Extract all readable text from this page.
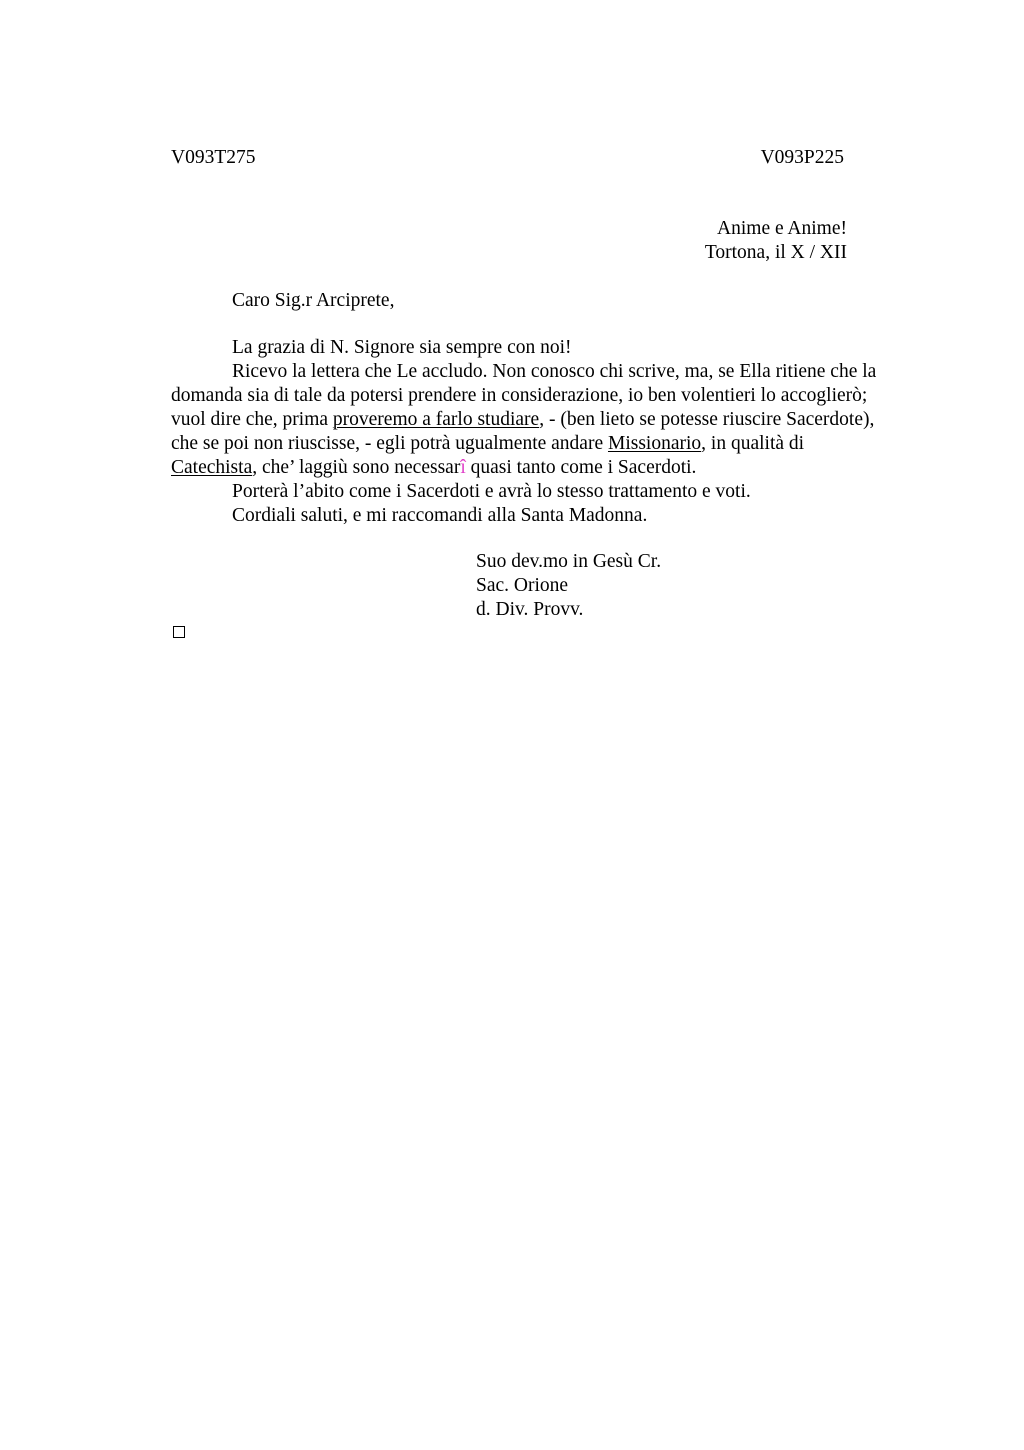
V093T275	V093P225
Anime e Anime!
Tortona, il X / XII
Caro Sig.r Arciprete,
La grazia di N. Signore sia sempre con noi!
Ricevo la lettera che Le accludo. Non conosco chi scrive, ma, se Ella ritiene che la
domanda sia di tale da potersi prendere in considerazione, io ben volentieri lo accoglierò;
vuol dire che, prima proveremo a farlo studiare, - (ben lieto se potesse riuscire Sacerdote),
che se poi non riuscisse, - egli potrà ugualmente andare Missionario, in qualità di
Catechista, che’ laggiù sono necessarî quasi tanto come i Sacerdoti.
Porterà l’abito come i Sacerdoti e avrà lo stesso trattamento e voti.
Cordiali saluti, e mi raccomandi alla Santa Madonna.
Suo dev.mo in Gesù Cr.
Sac. Orione
d. Div. Provv.
